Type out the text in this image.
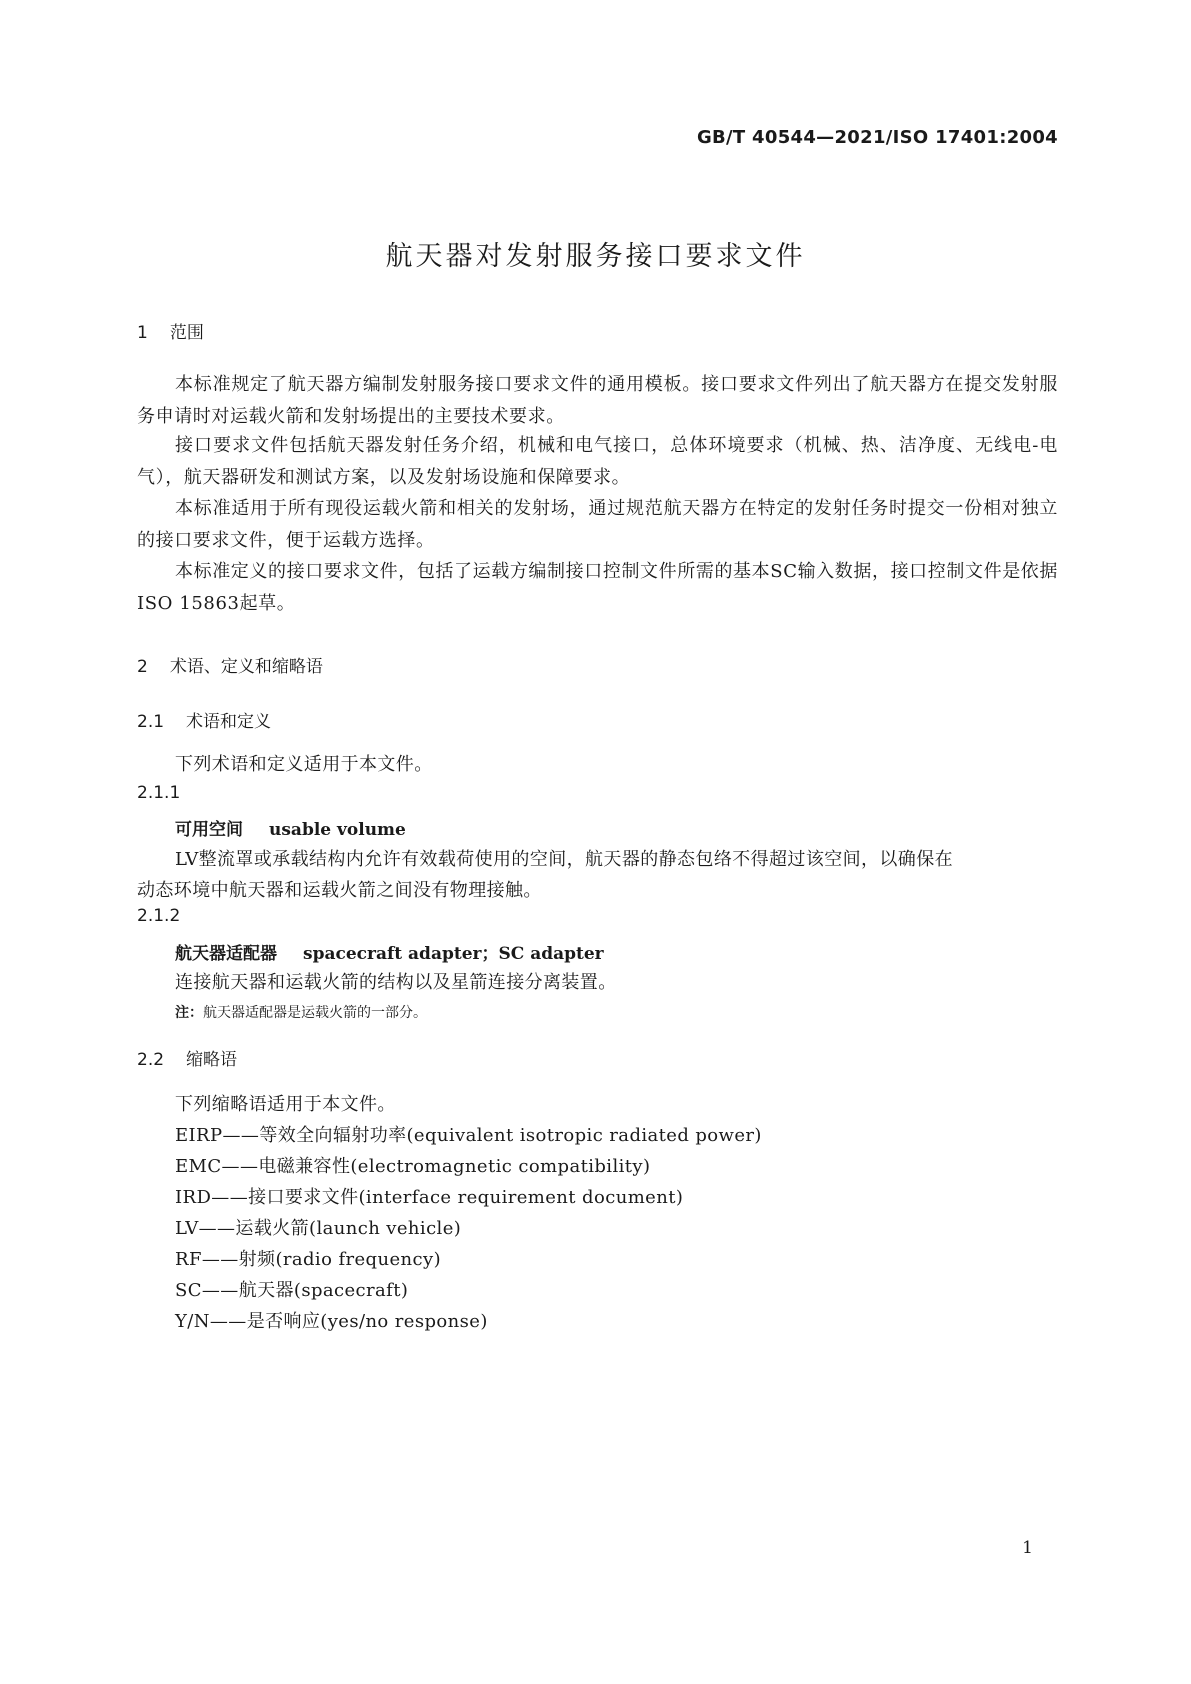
GB/T 40544—2021/ISO 17401:2004
航天器对发射服务接口要求文件
1 范围
本标准规定了航天器方编制发射服务接口要求文件的通用模板。接口要求文件列出了航天器方在提交发射服务申请时对运载火箭和发射场提出的主要技术要求。
接口要求文件包括航天器发射任务介绍，机械和电气接口，总体环境要求（机械、热、洁净度、无线电-电气），航天器研发和测试方案，以及发射场设施和保障要求。
本标准适用于所有现役运载火箭和相关的发射场，通过规范航天器方在特定的发射任务时提交一份相对独立的接口要求文件，便于运载方选择。
本标准定义的接口要求文件，包括了运载方编制接口控制文件所需的基本SC输入数据，接口控制文件是依据ISO 15863起草。
2 术语、定义和缩略语
2.1 术语和定义
下列术语和定义适用于本文件。
2.1.1
可用空间 usable volume
LV整流罩或承载结构内允许有效载荷使用的空间，航天器的静态包络不得超过该空间，以确保在
动态环境中航天器和运载火箭之间没有物理接触。
2.1.2
航天器适配器 spacecraft adapter；SC adapter
连接航天器和运载火箭的结构以及星箭连接分离装置。
注：航天器适配器是运载火箭的一部分。
2.2 缩略语
下列缩略语适用于本文件。
EIRP——等效全向辐射功率(equivalent isotropic radiated power)
EMC——电磁兼容性(electromagnetic compatibility)
IRD——接口要求文件(interface requirement document)
LV——运载火箭(launch vehicle)
RF——射频(radio frequency)
SC——航天器(spacecraft)
Y/N——是否响应(yes/no response)
1
